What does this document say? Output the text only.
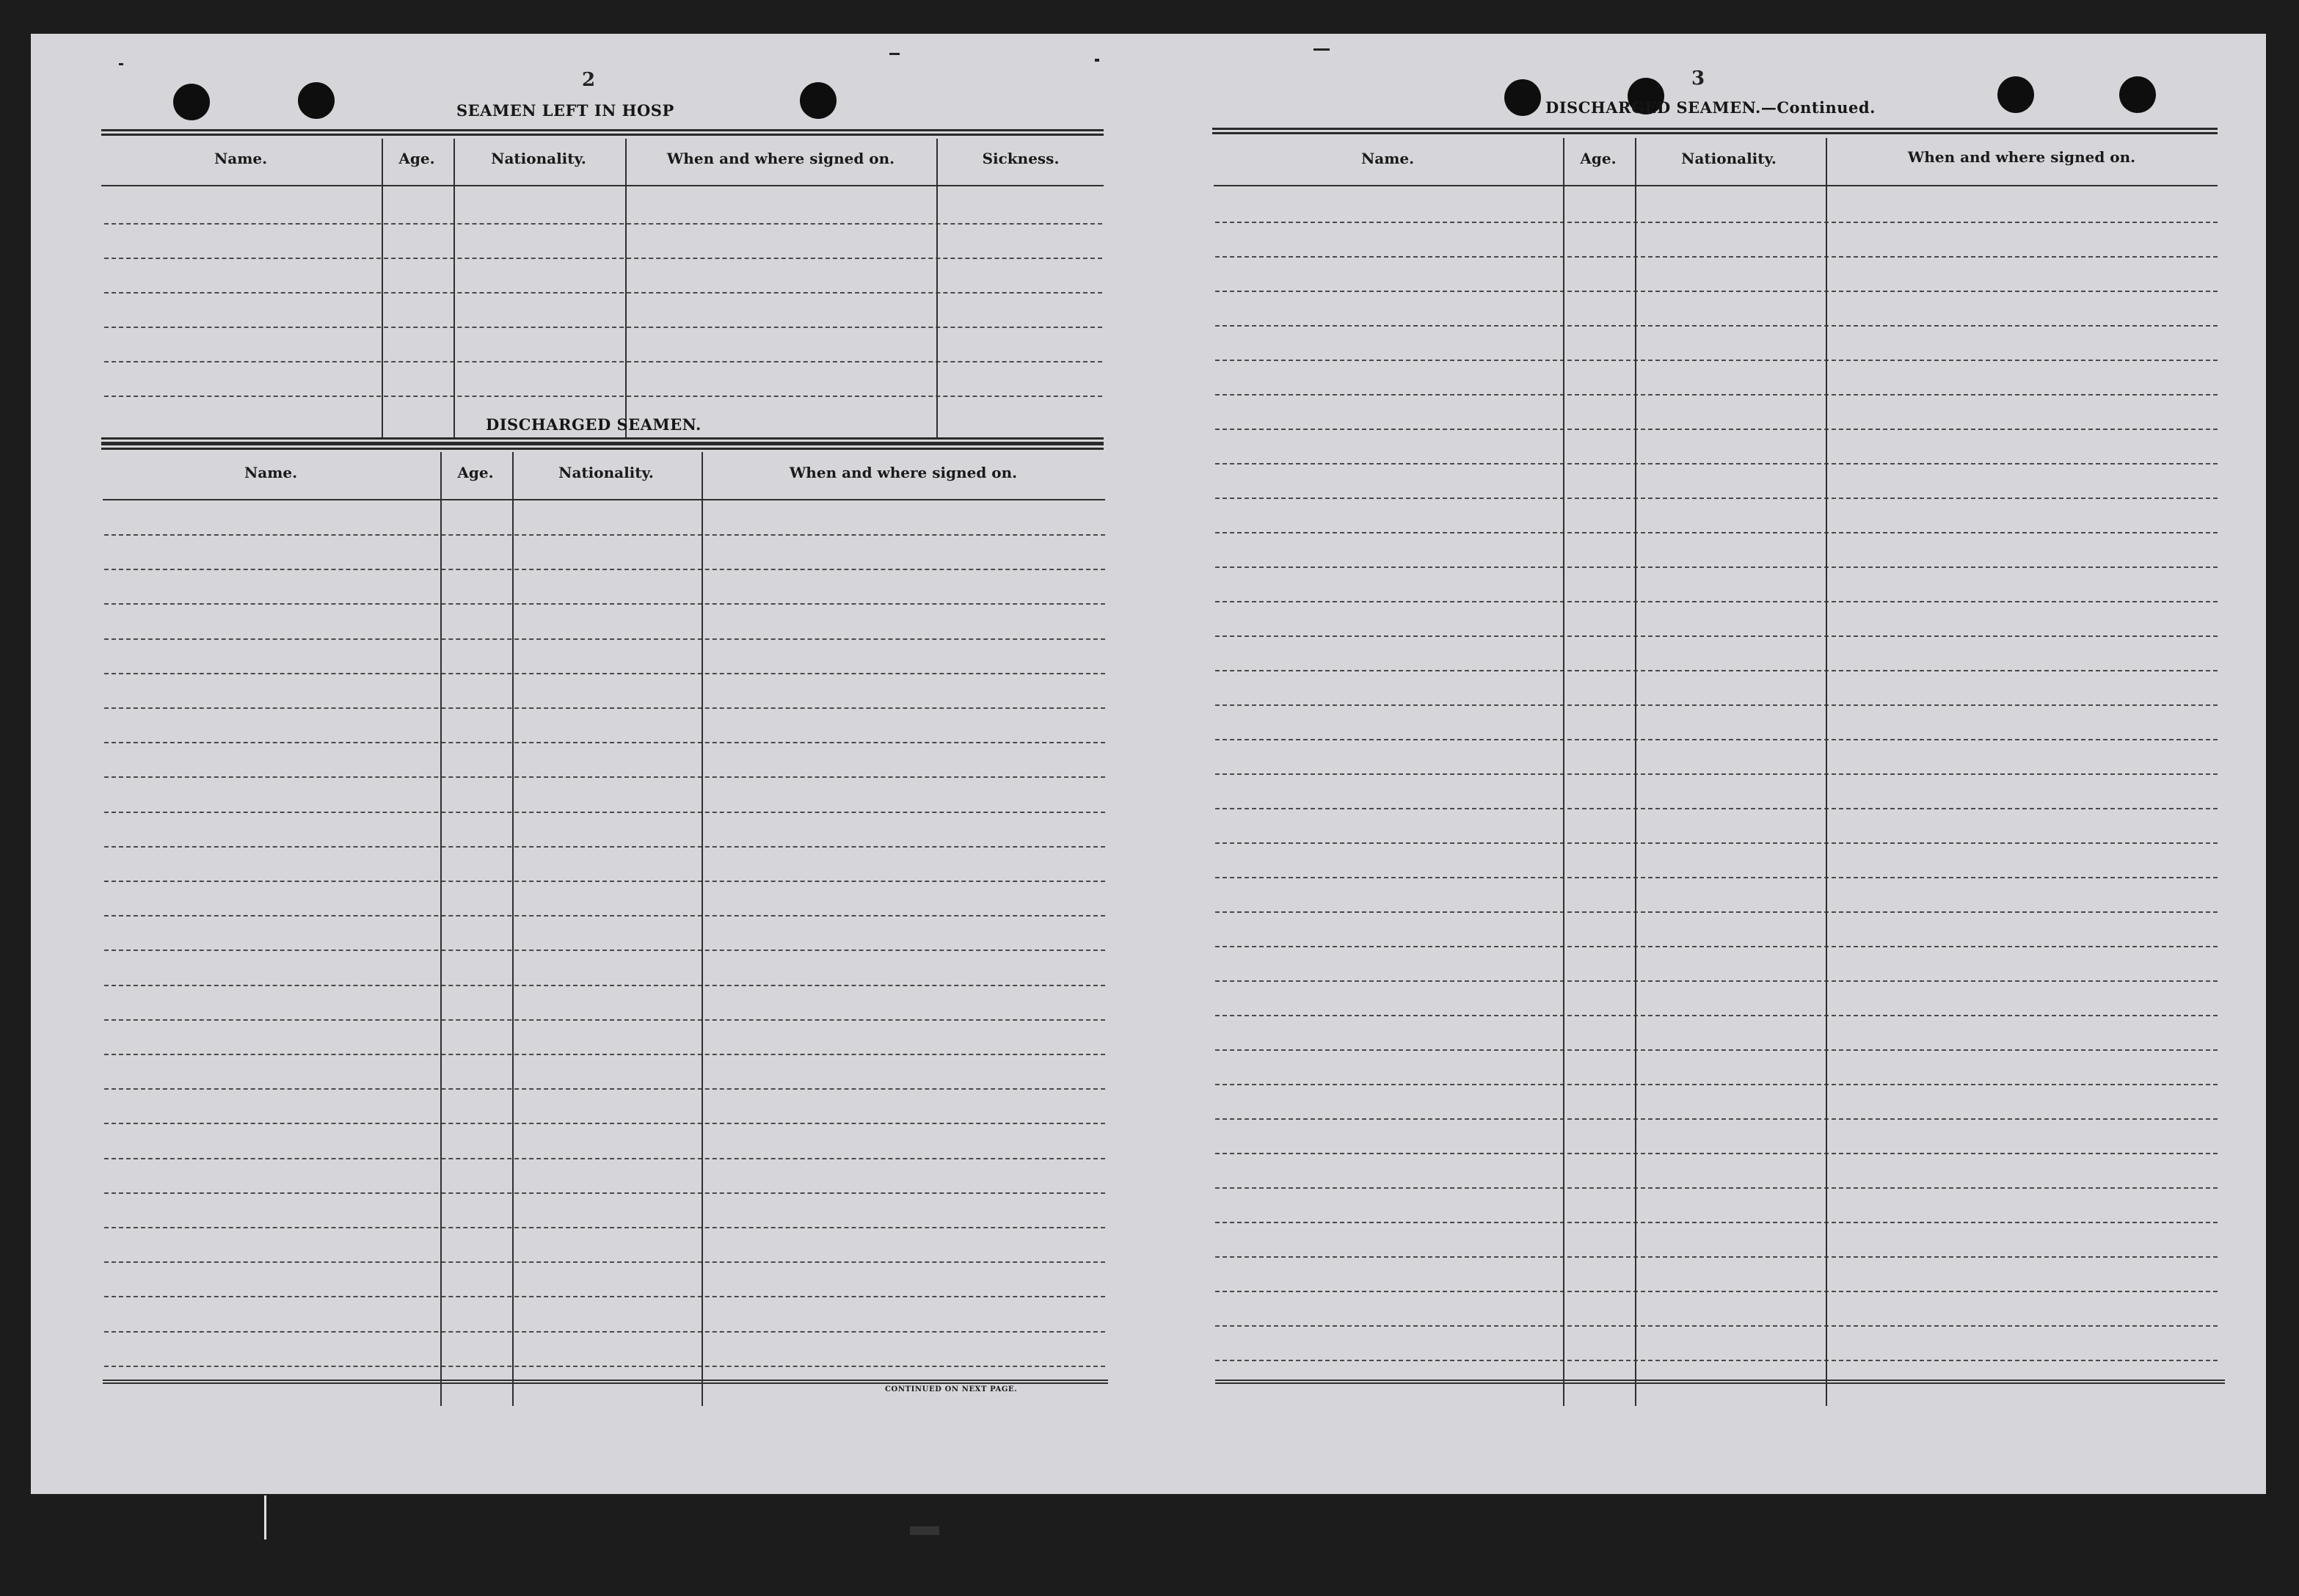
2
SEAMEN LEFT IN HOSP
Name.	Age.	Nationality.	When and where signed on.	Sickness.
DISCHARGED SEAMEN.
Name.	Age.	Nationality.	When and where signed on.
CONTINUED ON NEXT PAGE.
3
DISCHARGED SEAMEN.—Continued.
Name.	Age.	Nationality.	When and where signed on.
